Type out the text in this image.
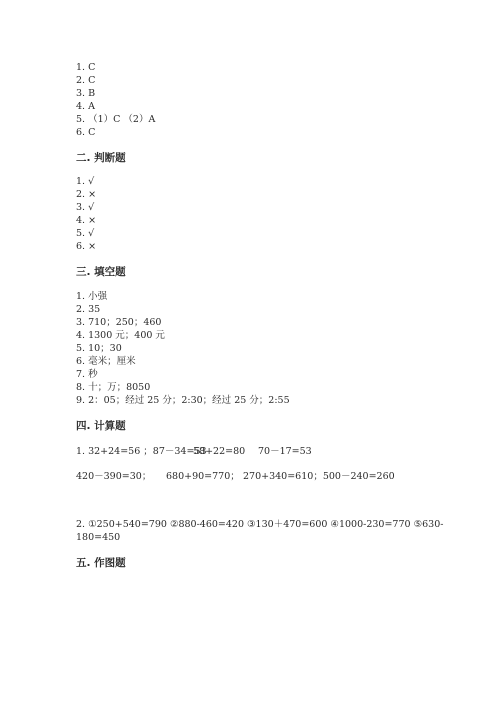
1. C
2. C
3. B
4. A
5. （1）C （2）A
6. C
二. 判断题
1. √
2. ×
3. √
4. ×
5. √
6. ×
三. 填空题
1. 小强
2. 35
3. 710；250；460
4. 1300 元；400 元
5. 10；30
6. 毫米；厘米
7. 秒
8. 十；万；8050
9. 2：05；经过 25 分；2:30；经过 25 分；2:55
四. 计算题
1. 32+24=56 ；87－34=53
58+22=80 70－17=53
420－390=30； 680+90=770； 270+340=610；500－240=260
2. ①250+540=790 ②880-460=420 ③130＋470=600 ④1000-230=770 ⑤630-
180=450
五. 作图题
